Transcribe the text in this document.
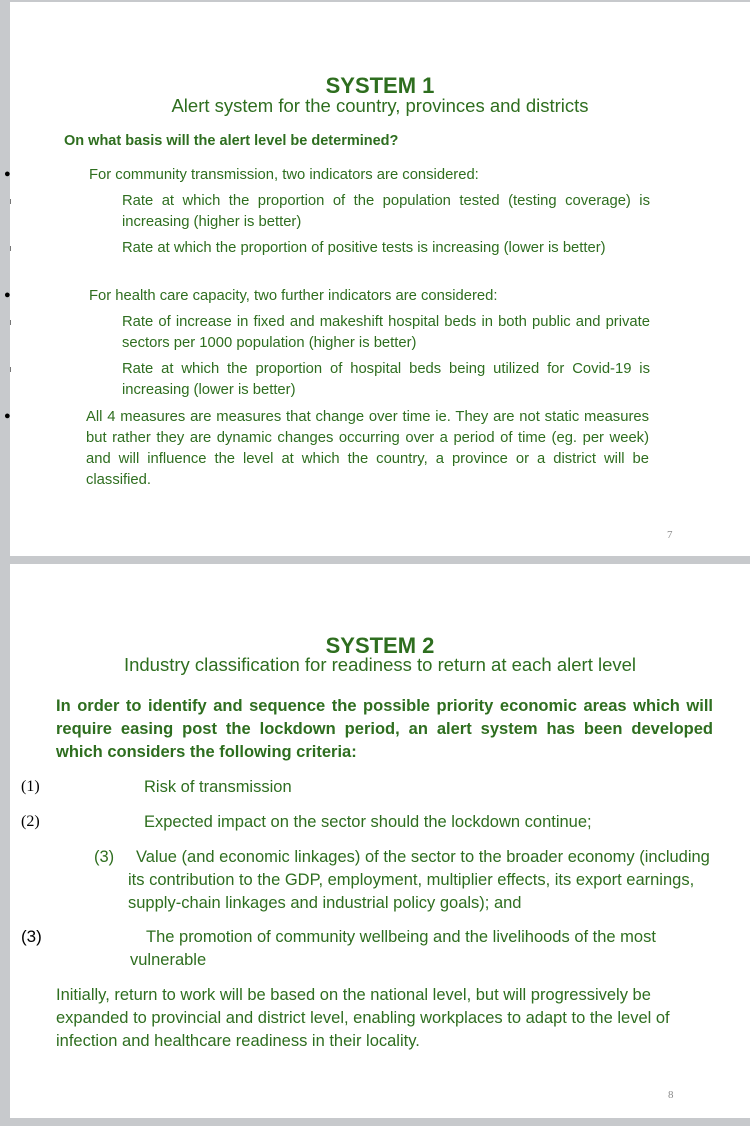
SYSTEM 1
Alert system for the country, provinces and districts
On what basis will the alert level be determined?
●	For community transmission, two indicators are considered:
Rate at which the proportion of the population tested (testing coverage) is increasing (higher is better)
Rate at which the proportion of positive tests is increasing (lower is better)
●	For health care capacity, two further indicators are considered:
Rate of increase in fixed and makeshift hospital beds in both public and private sectors per 1000 population (higher is better)
Rate at which the proportion of hospital beds being utilized for Covid-19 is increasing (lower is better)
●	All 4 measures are measures that change over time ie. They are not static measures but rather they are dynamic changes occurring over a period of time (eg. per week) and will influence the level at which the country, a province or a district will be classified.
7
SYSTEM 2
Industry classification for readiness to return at each alert level
In order to identify and sequence the possible priority economic areas which will require easing post the lockdown period, an alert system has been developed which considers the following criteria:
(1)	Risk of transmission
(2)	Expected impact on the sector should the lockdown continue;
(3)	Value (and economic linkages) of the sector to the broader economy (including its contribution to the GDP, employment, multiplier effects, its export earnings, supply-chain linkages and industrial policy goals); and
(3)	The promotion of community wellbeing and the livelihoods of the most vulnerable
Initially, return to work will be based on the national level, but will progressively be expanded to provincial and district level, enabling workplaces to adapt to the level of infection and healthcare readiness in their locality.
8
